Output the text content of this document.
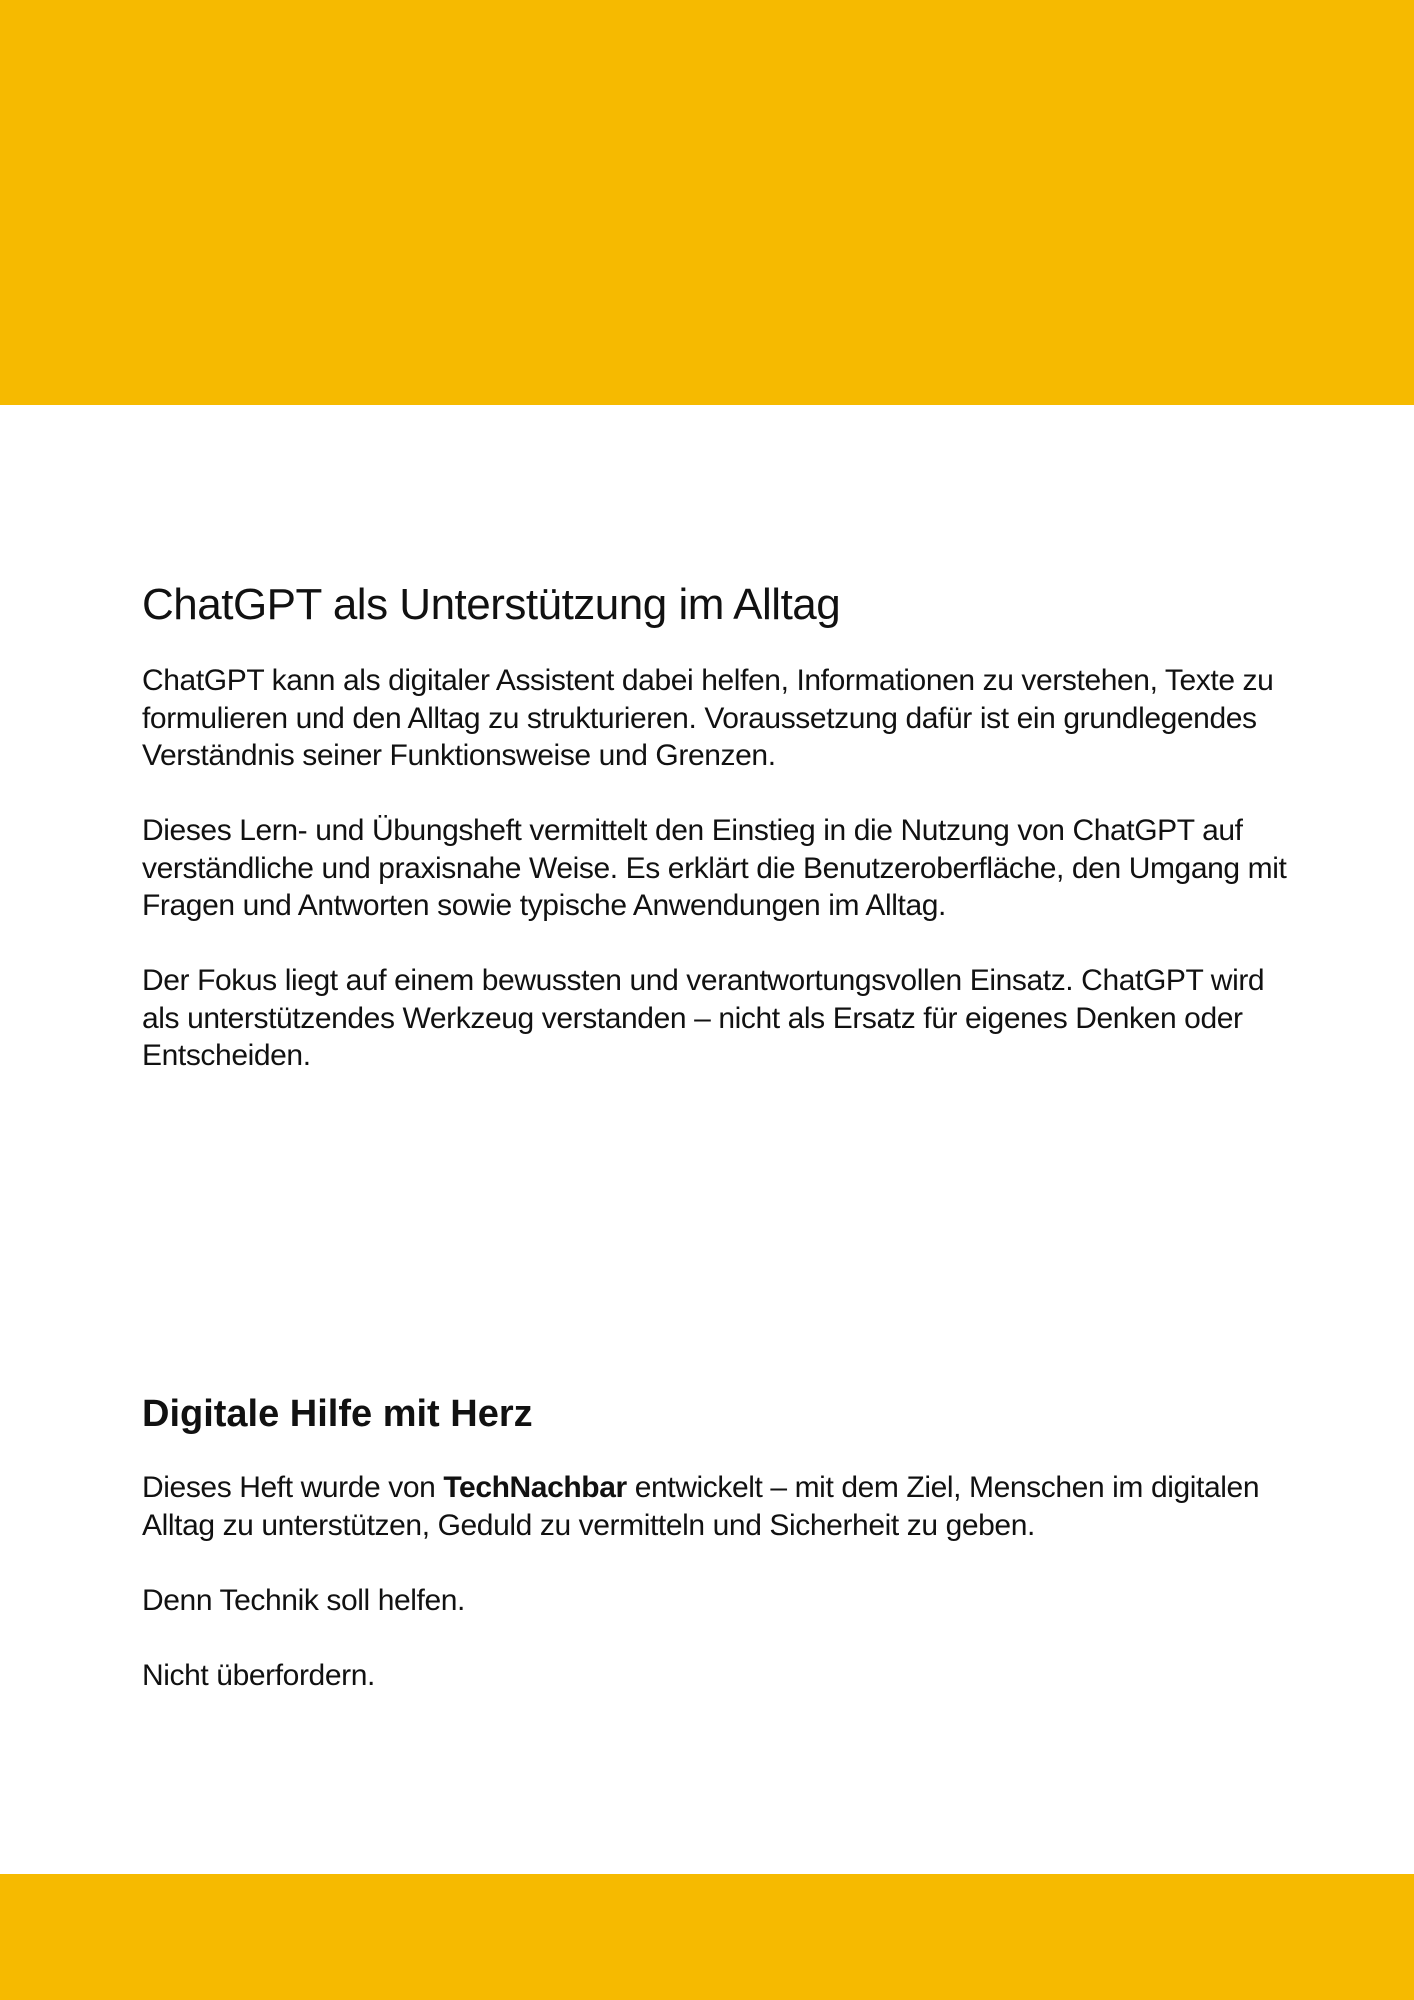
ChatGPT als Unterstützung im Alltag

ChatGPT kann als digitaler Assistent dabei helfen, Informationen zu verstehen, Texte zu formulieren und den Alltag zu strukturieren. Voraussetzung dafür ist ein grundlegendes Verständnis seiner Funktionsweise und Grenzen.

Dieses Lern- und Übungsheft vermittelt den Einstieg in die Nutzung von ChatGPT auf verständliche und praxisnahe Weise. Es erklärt die Benutzeroberfläche, den Umgang mit Fragen und Antworten sowie typische Anwendungen im Alltag.

Der Fokus liegt auf einem bewussten und verantwortungsvollen Einsatz. ChatGPT wird als unterstützendes Werkzeug verstanden – nicht als Ersatz für eigenes Denken oder Entscheiden.

Digitale Hilfe mit Herz

Dieses Heft wurde von TechNachbar entwickelt – mit dem Ziel, Menschen im digitalen Alltag zu unterstützen, Geduld zu vermitteln und Sicherheit zu geben.

Denn Technik soll helfen.

Nicht überfordern.
